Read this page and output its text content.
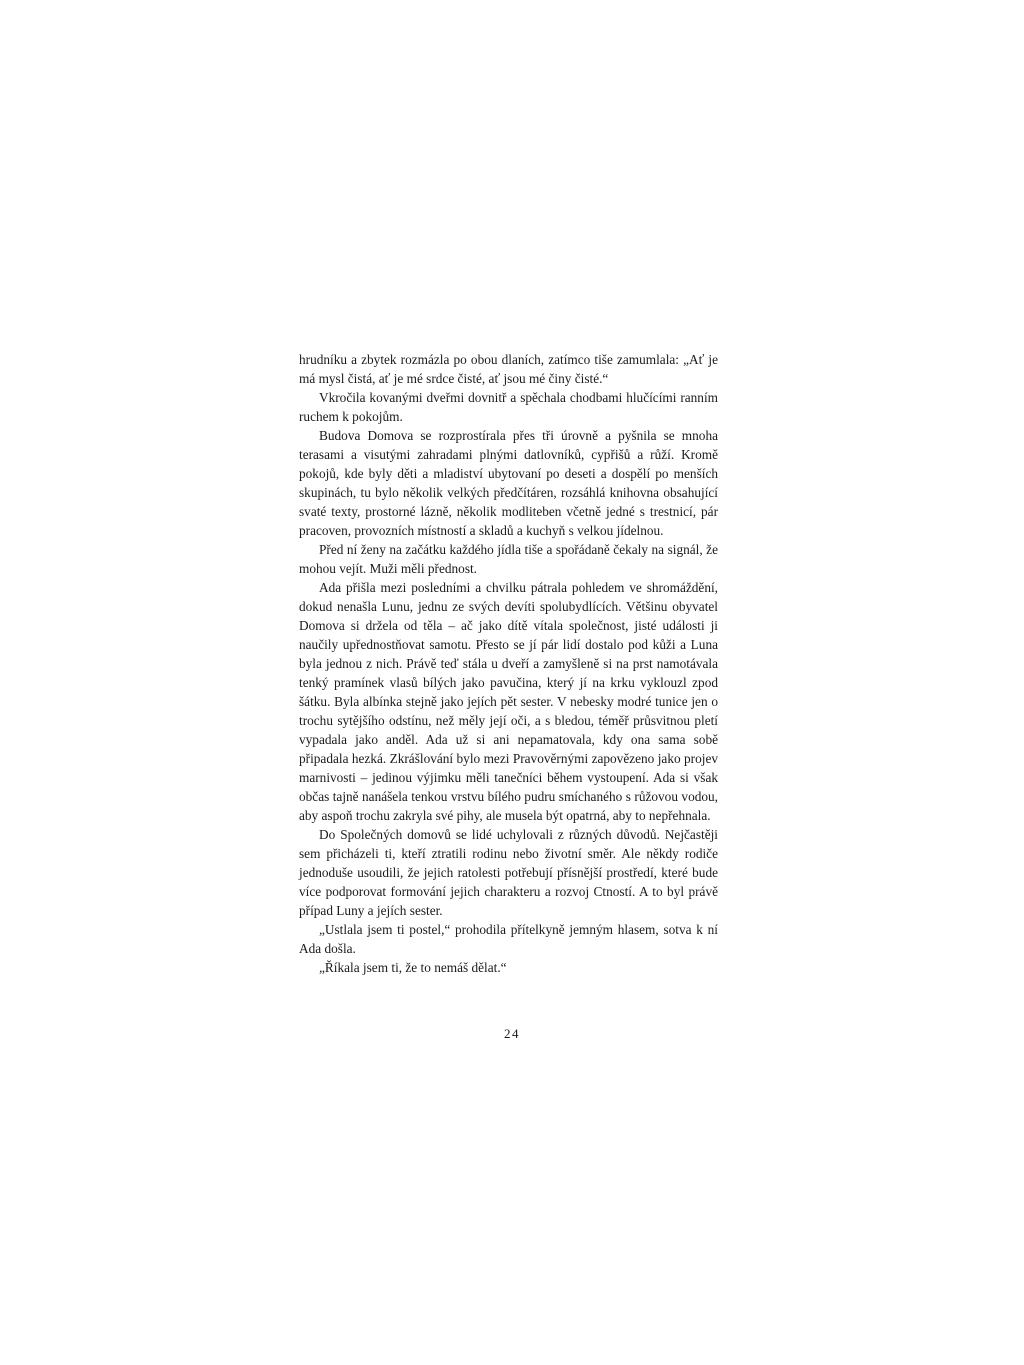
hrudníku a zbytek rozmázla po obou dlaních, zatímco tiše zamumlala: „Ať je má mysl čistá, ať je mé srdce čisté, ať jsou mé činy čisté.“

Vkročila kovanými dveřmi dovnitř a spěchala chodbami hlučícími ranním ruchem k pokojům.

Budova Domova se rozprostírala přes tři úrovně a pyšnila se mnoha terasami a visutými zahradami plnými datlovníků, cypřišů a růží. Kromě pokojů, kde byly děti a mladiství ubytovaní po deseti a dospělí po menších skupinách, tu bylo několik velkých předčítáren, rozsáhlá knihovna obsahující svaté texty, prostorné lázně, několik modliteben včetně jedné s trestnicí, pár pracoven, provozních místností a skladů a kuchyň s velkou jídelnou.

Před ní ženy na začátku každého jídla tiše a spořádaně čekaly na signál, že mohou vejít. Muži měli přednost.

Ada přišla mezi posledními a chvilku pátrala pohledem ve shromáždění, dokud nenašla Lunu, jednu ze svých devíti spolubydlících. Většinu obyvatel Domova si držela od těla – ač jako dítě vítala společnost, jisté události ji naučily upřednostňovat samotu. Přesto se jí pár lidí dostalo pod kůži a Luna byla jednou z nich. Právě teď stála u dveří a zamyšleně si na prst namotávala tenký pramínek vlasů bílých jako pavučina, který jí na krku vyklouzl zpod šátku. Byla albínka stejně jako jejích pět sester. V nebesky modré tunice jen o trochu sytějšího odstínu, než měly její oči, a s bledou, téměř průsvitnou pletí vypadala jako anděl. Ada už si ani nepamatovala, kdy ona sama sobě připadala hezká. Zkrášlování bylo mezi Pravověrnými zapovězeno jako projev marnivosti – jedinou výjimku měli tanečníci během vystoupení. Ada si však občas tajně nanášela tenkou vrstvu bílého pudru smíchaného s růžovou vodou, aby aspoň trochu zakryla své pihy, ale musela být opatrná, aby to nepřehnala.

Do Společných domovů se lidé uchylovali z různých důvodů. Nejčastěji sem přicházeli ti, kteří ztratili rodinu nebo životní směr. Ale někdy rodiče jednoduše usoudili, že jejich ratolesti potřebují přísnější prostředí, které bude více podporovat formování jejich charakteru a rozvoj Ctností. A to byl právě případ Luny a jejích sester.

„Ustlala jsem ti postel,“ prohodila přítelkyně jemným hlasem, sotva k ní Ada došla.

„Říkala jsem ti, že to nemáš dělat.“

24
